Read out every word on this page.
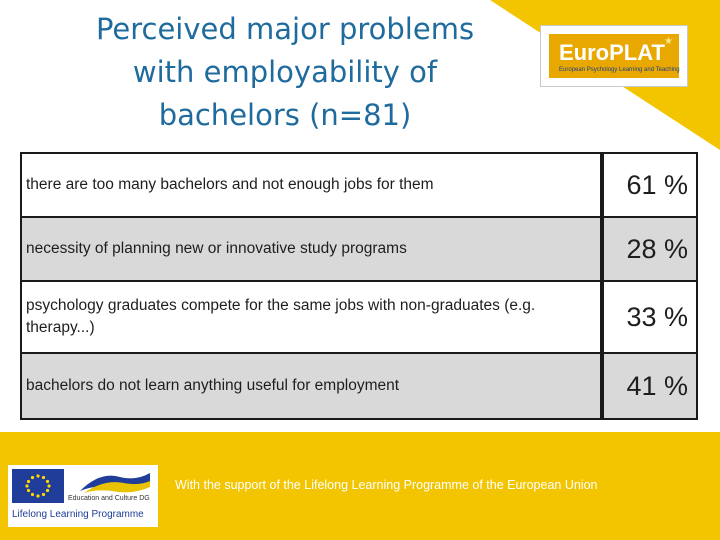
Perceived major problems
with employability of
bachelors (n=81)
EuroPLAT
European Psychology Learning and Teaching
★
there are too many bachelors and not enough jobs for them	61 %
necessity of planning new or innovative study programs	28 %
psychology graduates compete for the same jobs with non-graduates (e.g. therapy...)	33 %
bachelors do not learn anything useful for employment	41 %
Education and Culture DG
Lifelong Learning Programme
With the support of the Lifelong Learning Programme of the European Union
